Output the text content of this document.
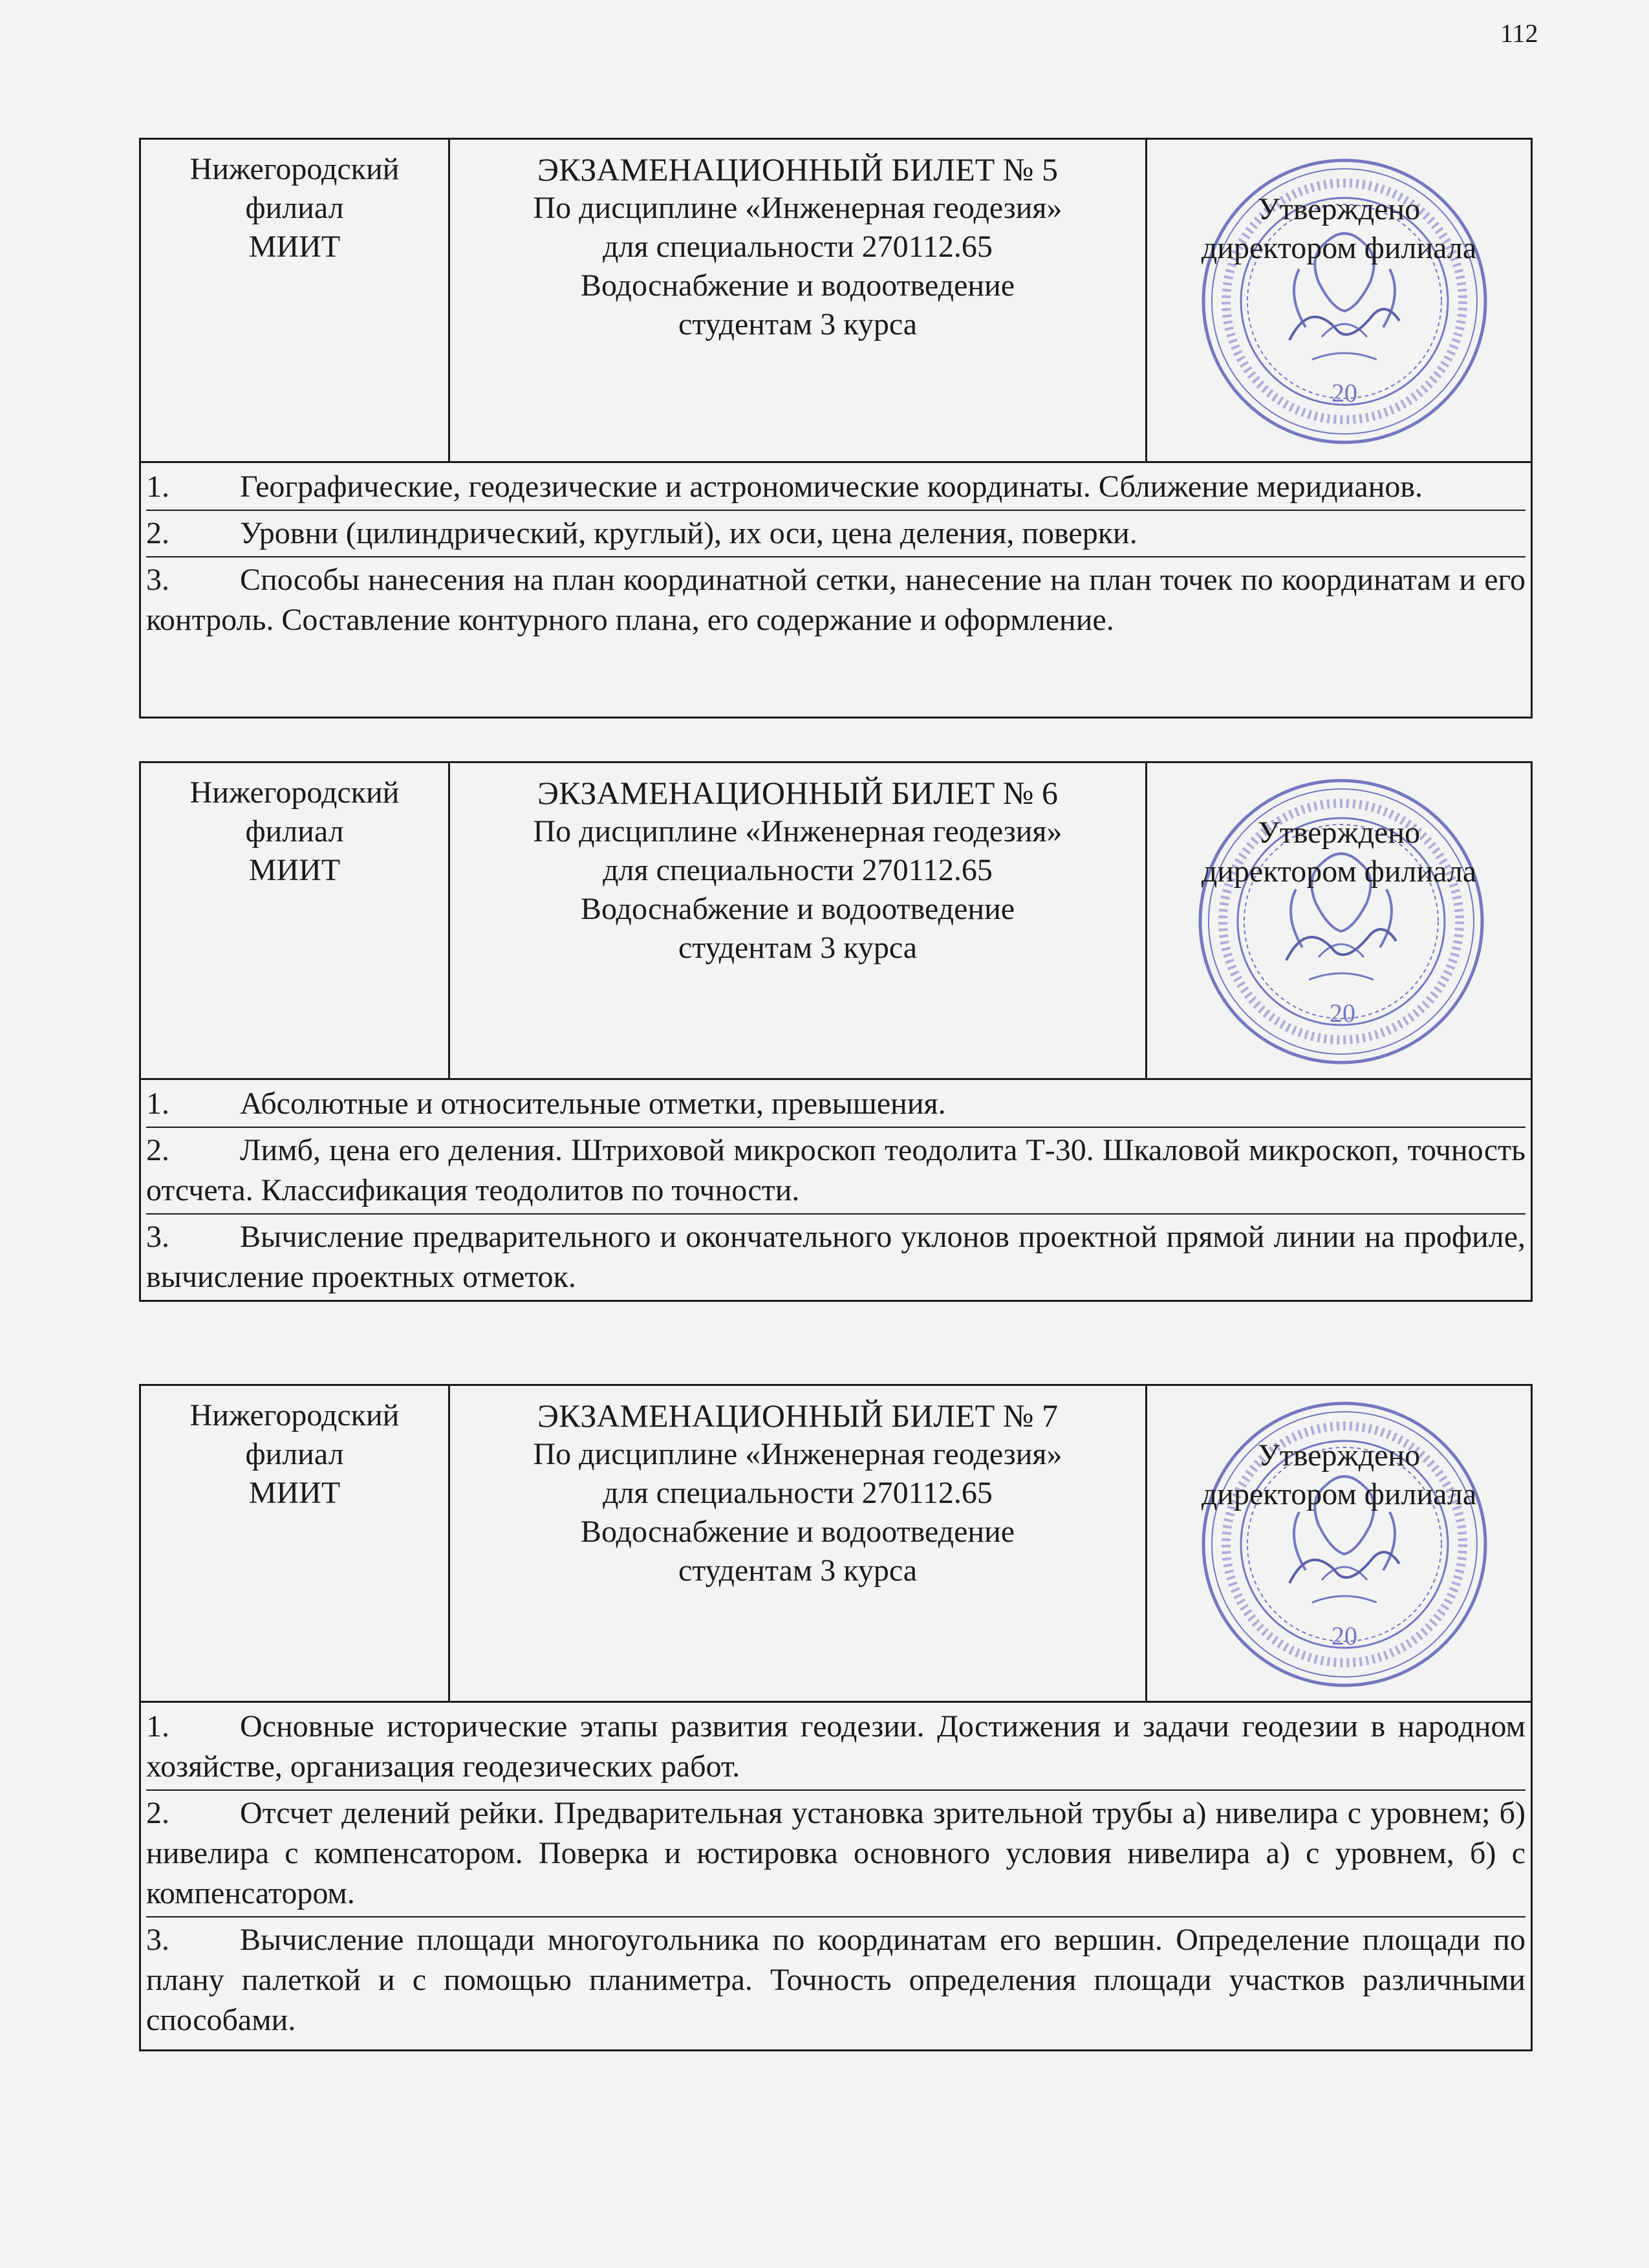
112
Нижегородский
филиал
МИИТ
ЭКЗАМЕНАЦИОННЫЙ БИЛЕТ № 5
По дисциплине «Инженерная геодезия»
для специальности 270112.65
Водоснабжение и водоотведение
студентам 3 курса
20
Утверждено
директором филиала
1. Географические, геодезические и астрономические координаты. Сближение меридианов.
2. Уровни (цилиндрический, круглый), их оси, цена деления, поверки.
3. Способы нанесения на план координатной сетки, нанесение на план точек по координатам и его контроль. Составление контурного плана, его содержание и оформление.
Нижегородский
филиал
МИИТ
ЭКЗАМЕНАЦИОННЫЙ БИЛЕТ № 6
По дисциплине «Инженерная геодезия»
для специальности 270112.65
Водоснабжение и водоотведение
студентам 3 курса
20
Утверждено
директором филиала
1. Абсолютные и относительные отметки, превышения.
2. Лимб, цена его деления. Штриховой микроскоп теодолита Т-30. Шкаловой микроскоп, точность отсчета. Классификация теодолитов по точности.
3. Вычисление предварительного и окончательного уклонов проектной прямой линии на профиле, вычисление проектных отметок.
Нижегородский
филиал
МИИТ
ЭКЗАМЕНАЦИОННЫЙ БИЛЕТ № 7
По дисциплине «Инженерная геодезия»
для специальности 270112.65
Водоснабжение и водоотведение
студентам 3 курса
20
Утверждено
директором филиала
1. Основные исторические этапы развития геодезии. Достижения и задачи геодезии в народном хозяйстве, организация геодезических работ.
2. Отсчет делений рейки. Предварительная установка зрительной трубы а) нивелира с уровнем; б) нивелира с компенсатором. Поверка и юстировка основного условия нивелира а) с уровнем, б) с компенсатором.
3. Вычисление площади многоугольника по координатам его вершин. Определение площади по плану палеткой и с помощью планиметра. Точность определения площади участков различными способами.
